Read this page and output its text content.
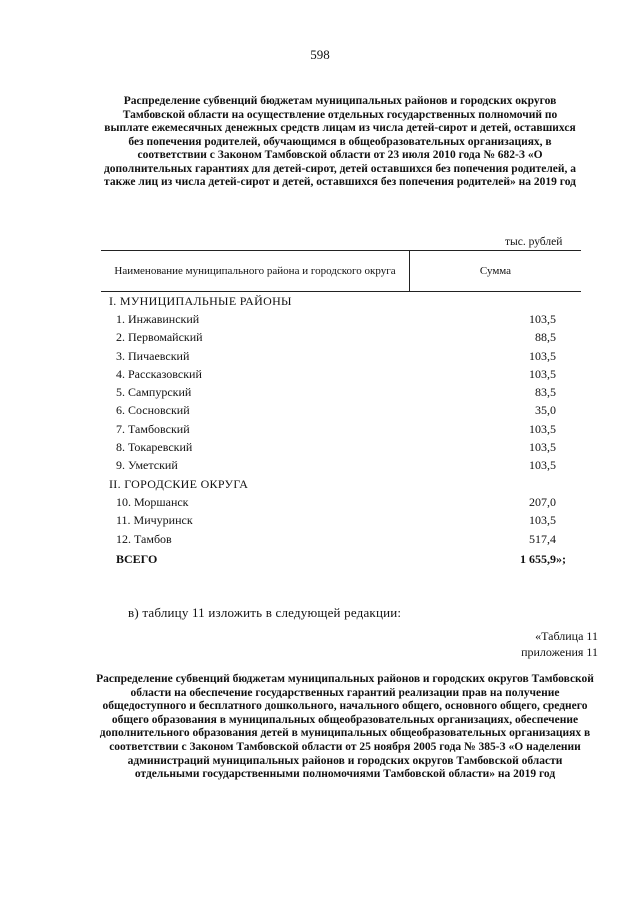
598
Распределение субвенций бюджетам муниципальных районов и городских округов Тамбовской области на осуществление отдельных государственных полномочий по выплате ежемесячных денежных средств лицам из числа детей-сирот и детей, оставшихся без попечения родителей, обучающимся в общеобразовательных организациях, в соответствии с Законом Тамбовской области от 23 июля 2010 года № 682-З «О дополнительных гарантиях для детей-сирот, детей оставшихся без попечения родителей, а также лиц из числа детей-сирот и детей, оставшихся без попечения родителей» на 2019 год
тыс. рублей
Наименование муниципального района и городского округа	Сумма
I. МУНИЦИПАЛЬНЫЕ РАЙОНЫ
1. Инжавинский	103,5
2. Первомайский	88,5
3. Пичаевский	103,5
4. Рассказовский	103,5
5. Сампурский	83,5
6. Сосновский	35,0
7. Тамбовский	103,5
8. Токаревский	103,5
9. Уметский	103,5
II. ГОРОДСКИЕ ОКРУГА
10. Моршанск	207,0
11. Мичуринск	103,5
12. Тамбов	517,4
ВСЕГО	1 655,9»;
в) таблицу 11 изложить в следующей редакции:
«Таблица 11
приложения 11
Распределение субвенций бюджетам муниципальных районов и городских округов Тамбовской области на обеспечение государственных гарантий реализации прав на получение общедоступного и бесплатного дошкольного, начального общего, основного общего, среднего общего образования в муниципальных общеобразовательных организациях, обеспечение дополнительного образования детей в муниципальных общеобразовательных организациях в соответствии с Законом Тамбовской области от 25 ноября 2005 года № 385-З «О наделении администраций муниципальных районов и городских округов Тамбовской области отдельными государственными полномочиями Тамбовской области» на 2019 год
